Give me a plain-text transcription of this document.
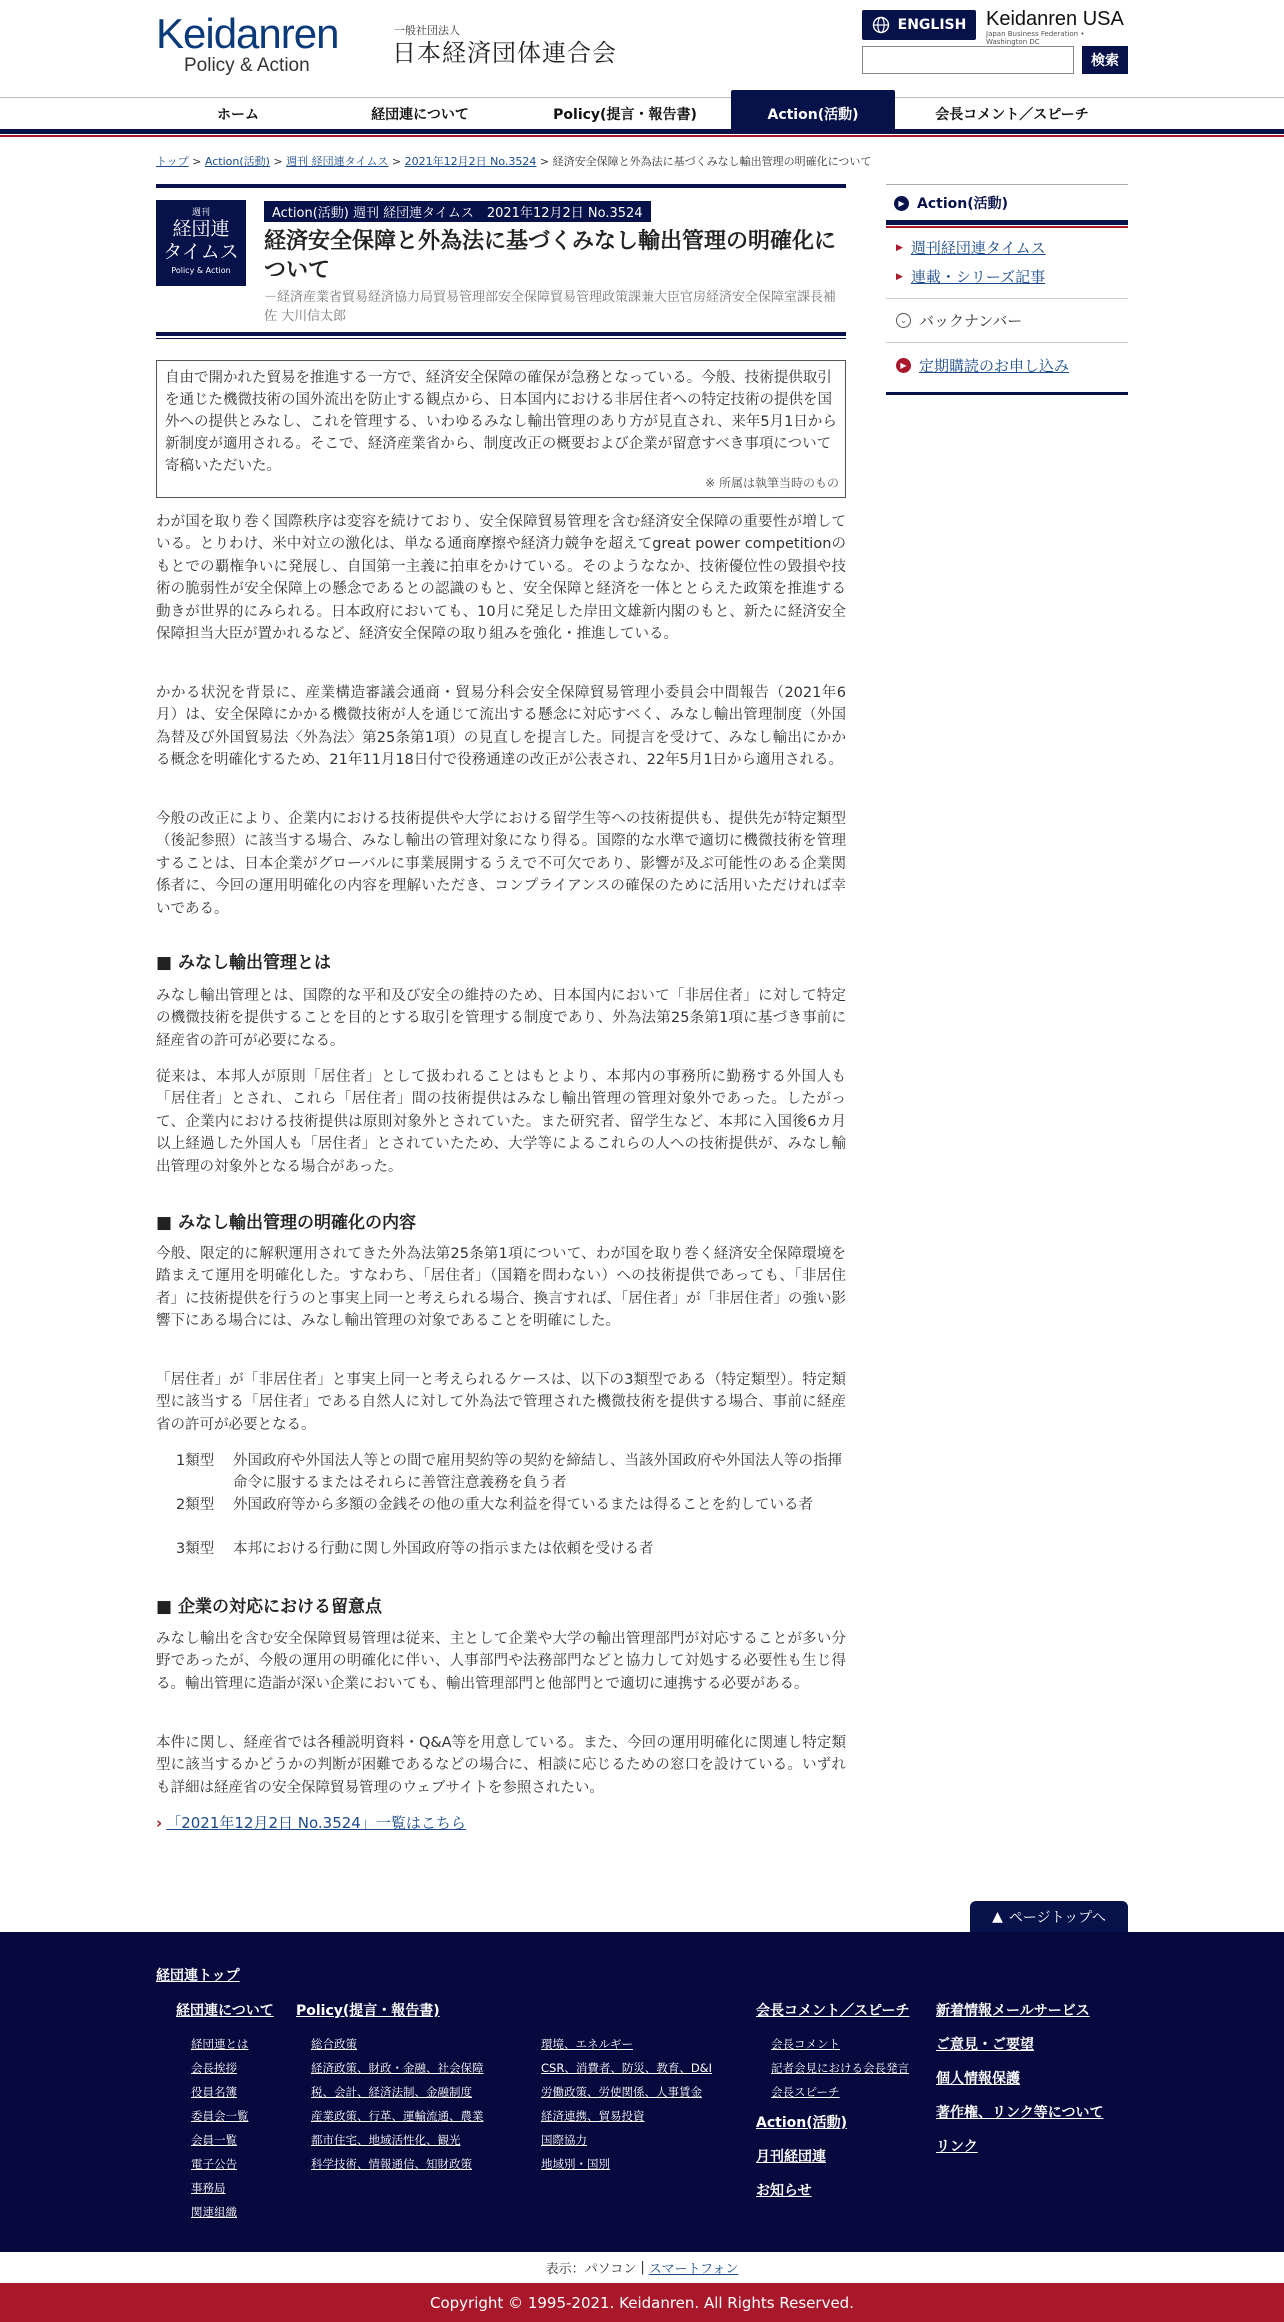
Keidanren
Policy & Action
一般社団法人
日本経済団体連合会
ENGLISH Keidanren USA
Japan Business Federation • Washington DC
検索
ホーム	経団連について	Policy(提言・報告書)	Action(活動)	会長コメント／スピーチ
トップ > Action(活動) > 週刊 経団連タイムス > 2021年12月2日 No.3524 > 経済安全保障と外為法に基づくみなし輸出管理の明確化について
週刊
経団連
タイムス
Policy & Action
Action(活動) 週刊 経団連タイムス　2021年12月2日 No.3524
経済安全保障と外為法に基づくみなし輸出管理の明確化について
－経済産業省貿易経済協力局貿易管理部安全保障貿易管理政策課兼大臣官房経済安全保障室課長補佐 大川信太郎

自由で開かれた貿易を推進する一方で、経済安全保障の確保が急務となっている。今般、技術提供取引を通じた機微技術の国外流出を防止する観点から、日本国内における非居住者への特定技術の提供を国外への提供とみなし、これを管理する、いわゆるみなし輸出管理のあり方が見直され、来年5月1日から新制度が適用される。そこで、経済産業省から、制度改正の概要および企業が留意すべき事項について寄稿いただいた。

※ 所属は執筆当時のもの

わが国を取り巻く国際秩序は変容を続けており、安全保障貿易管理を含む経済安全保障の重要性が増している。とりわけ、米中対立の激化は、単なる通商摩擦や経済力競争を超えてgreat power competitionのもとでの覇権争いに発展し、自国第一主義に拍車をかけている。そのようななか、技術優位性の毀損や技術の脆弱性が安全保障上の懸念であるとの認識のもと、安全保障と経済を一体ととらえた政策を推進する動きが世界的にみられる。日本政府においても、10月に発足した岸田文雄新内閣のもと、新たに経済安全保障担当大臣が置かれるなど、経済安全保障の取り組みを強化・推進している。

かかる状況を背景に、産業構造審議会通商・貿易分科会安全保障貿易管理小委員会中間報告（2021年6月）は、安全保障にかかる機微技術が人を通じて流出する懸念に対応すべく、みなし輸出管理制度（外国為替及び外国貿易法〈外為法〉第25条第1項）の見直しを提言した。同提言を受けて、みなし輸出にかかる概念を明確化するため、21年11月18日付で役務通達の改正が公表され、22年5月1日から適用される。

今般の改正により、企業内における技術提供や大学における留学生等への技術提供も、提供先が特定類型（後記参照）に該当する場合、みなし輸出の管理対象になり得る。国際的な水準で適切に機微技術を管理することは、日本企業がグローバルに事業展開するうえで不可欠であり、影響が及ぶ可能性のある企業関係者に、今回の運用明確化の内容を理解いただき、コンプライアンスの確保のために活用いただければ幸いである。

■ みなし輸出管理とは

みなし輸出管理とは、国際的な平和及び安全の維持のため、日本国内において「非居住者」に対して特定の機微技術を提供することを目的とする取引を管理する制度であり、外為法第25条第1項に基づき事前に経産省の許可が必要になる。

従来は、本邦人が原則「居住者」として扱われることはもとより、本邦内の事務所に勤務する外国人も「居住者」とされ、これら「居住者」間の技術提供はみなし輸出管理の管理対象外であった。したがって、企業内における技術提供は原則対象外とされていた。また研究者、留学生など、本邦に入国後6カ月以上経過した外国人も「居住者」とされていたため、大学等によるこれらの人への技術提供が、みなし輸出管理の対象外となる場合があった。

■ みなし輸出管理の明確化の内容

今般、限定的に解釈運用されてきた外為法第25条第1項について、わが国を取り巻く経済安全保障環境を踏まえて運用を明確化した。すなわち、「居住者」（国籍を問わない）への技術提供であっても、「非居住者」に技術提供を行うのと事実上同一と考えられる場合、換言すれば、「居住者」が「非居住者」の強い影響下にある場合には、みなし輸出管理の対象であることを明確にした。

「居住者」が「非居住者」と事実上同一と考えられるケースは、以下の3類型である（特定類型）。特定類型に該当する「居住者」である自然人に対して外為法で管理された機微技術を提供する場合、事前に経産省の許可が必要となる。

1類型	外国政府や外国法人等との間で雇用契約等の契約を締結し、当該外国政府や外国法人等の指揮命令に服するまたはそれらに善管注意義務を負う者
2類型	外国政府等から多額の金銭その他の重大な利益を得ているまたは得ることを約している者
3類型	本邦における行動に関し外国政府等の指示または依頼を受ける者
■ 企業の対応における留意点

みなし輸出を含む安全保障貿易管理は従来、主として企業や大学の輸出管理部門が対応することが多い分野であったが、今般の運用の明確化に伴い、人事部門や法務部門などと協力して対処する必要性も生じ得る。輸出管理に造詣が深い企業においても、輸出管理部門と他部門とで適切に連携する必要がある。

本件に関し、経産省では各種説明資料・Q&A等を用意している。また、今回の運用明確化に関連し特定類型に該当するかどうかの判断が困難であるなどの場合に、相談に応じるための窓口を設けている。いずれも詳細は経産省の安全保障貿易管理のウェブサイトを参照されたい。

› 「2021年12月2日 No.3524」一覧はこちら
▶ Action(活動)
▶ 週刊経団連タイムス
▶ 連載・シリーズ記事
⌄ バックナンバー
▶ 定期購読のお申し込み
▲ ページトップへ
経団連トップ
経団連について
経団連とは
会長挨拶
役員名簿
委員会一覧
会員一覧
電子公告
事務局
関連組織
Policy(提言・報告書)
総合政策
経済政策、財政・金融、社会保障
税、会計、経済法制、金融制度
産業政策、行革、運輸流通、農業
都市住宅、地域活性化、観光
科学技術、情報通信、知財政策
環境、エネルギー
CSR、消費者、防災、教育、D&I
労働政策、労使関係、人事賃金
経済連携、貿易投資
国際協力
地域別・国別
会長コメント／スピーチ
会長コメント
記者会見における会長発言
会長スピーチ
Action(活動)
月刊経団連
お知らせ
新着情報メールサービス
ご意見・ご要望
個人情報保護
著作権、リンク等について
リンク
表示：パソコン | スマートフォン
Copyright © 1995-2021. Keidanren. All Rights Reserved.
